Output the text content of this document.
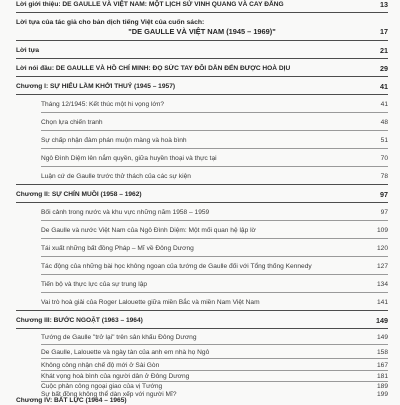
Lời giới thiệu: DE GAULLE VÀ VIỆT NAM: MỘT LỊCH SỬ VINH QUANG VÀ CAY ĐẮNG	13
Lời tựa của tác giả cho bản dịch tiếng Việt của cuốn sách:
"DE GAULLE VÀ VIỆT NAM (1945 – 1969)"	17
Lời tựa	21
Lời nói đầu: DE GAULLE VÀ HỒ CHÍ MINH: ĐỌ SỨC TAY ĐÔI DẪN ĐẾN ĐƯỢC HOÀ DỊU	29
Chương I: SỰ HIỂU LẦM KHỞI THUỶ (1945 – 1957)	41
Tháng 12/1945: Kết thúc một hi vọng lớn?	41
Chọn lựa chiến tranh	48
Sự chấp nhận đàm phán muộn màng và hoà bình	51
Ngô Đình Diệm lên nắm quyền, giữa huyền thoại và thực tại	70
Luận cứ de Gaulle trước thử thách của các sự kiện	78
Chương II: SỰ CHÍN MUỒI (1958 – 1962)	97
Bối cảnh trong nước và khu vực những năm 1958 – 1959	97
De Gaulle và nước Việt Nam của Ngô Đình Diệm: Một mối quan hệ lập lờ	109
Tái xuất những bất đồng Pháp – Mĩ về Đông Dương	120
Tác động của những bài học không ngoan của tướng de Gaulle đối với Tổng thống Kennedy	127
Tiến bộ và thực lực của sự trung lập	134
Vai trò hoà giải của Roger Lalouette giữa miền Bắc và miền Nam Việt Nam	141
Chương III: BƯỚC NGOẶT (1963 – 1964)	149
Tướng de Gaulle "trở lại" trên sân khấu Đông Dương	149
De Gaulle, Lalouette và ngày tàn của anh em nhà họ Ngô	158
Không công nhận chế độ mới ở Sài Gòn	167
Khát vọng hoà bình của người dân ở Đông Dương	181
Cuộc phản công ngoại giao của vị Tướng	189
Sự bất đồng không thể dàn xếp với người Mĩ?	199
Chương IV: BẤT LỰC (1964 – 1965)
